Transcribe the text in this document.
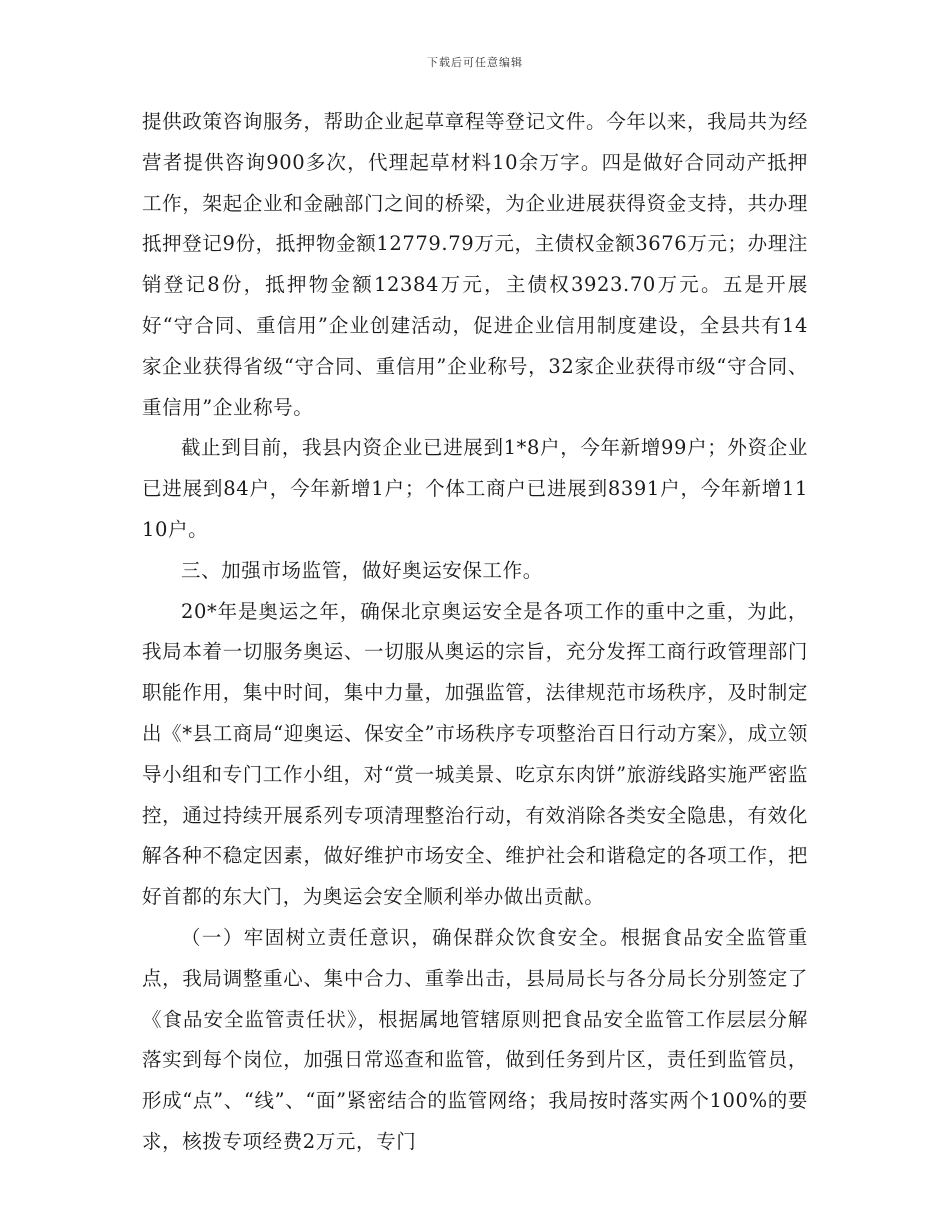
下载后可任意编辑

提供政策咨询服务，帮助企业起草章程等登记文件。今年以来，我局共为经营者提供咨询900多次，代理起草材料10余万字。四是做好合同动产抵押工作，架起企业和金融部门之间的桥梁，为企业进展获得资金支持，共办理抵押登记9份，抵押物金额12779.79万元，主债权金额3676万元；办理注销登记8份，抵押物金额12384万元，主债权3923.70万元。五是开展好“守合同、重信用”企业创建活动，促进企业信用制度建设，全县共有14家企业获得省级“守合同、重信用”企业称号，32家企业获得市级“守合同、重信用”企业称号。

截止到目前，我县内资企业已进展到1*8户，今年新增99户；外资企业已进展到84户，今年新增1户；个体工商户已进展到8391户，今年新增1110户。

三、加强市场监管，做好奥运安保工作。

20*年是奥运之年，确保北京奥运安全是各项工作的重中之重，为此，我局本着一切服务奥运、一切服从奥运的宗旨，充分发挥工商行政管理部门职能作用，集中时间，集中力量，加强监管，法律规范市场秩序，及时制定出《*县工商局“迎奥运、保安全”市场秩序专项整治百日行动方案》，成立领导小组和专门工作小组，对“赏一城美景、吃京东肉饼”旅游线路实施严密监控，通过持续开展系列专项清理整治行动，有效消除各类安全隐患，有效化解各种不稳定因素，做好维护市场安全、维护社会和谐稳定的各项工作，把好首都的东大门，为奥运会安全顺利举办做出贡献。

（一）牢固树立责任意识，确保群众饮食安全。根据食品安全监管重点，我局调整重心、集中合力、重拳出击，县局局长与各分局长分别签定了《食品安全监管责任状》，根据属地管辖原则把食品安全监管工作层层分解落实到每个岗位，加强日常巡查和监管，做到任务到片区，责任到监管员，形成“点”、“线”、“面”紧密结合的监管网络；我局按时落实两个100%的要求，核拨专项经费2万元，专门
